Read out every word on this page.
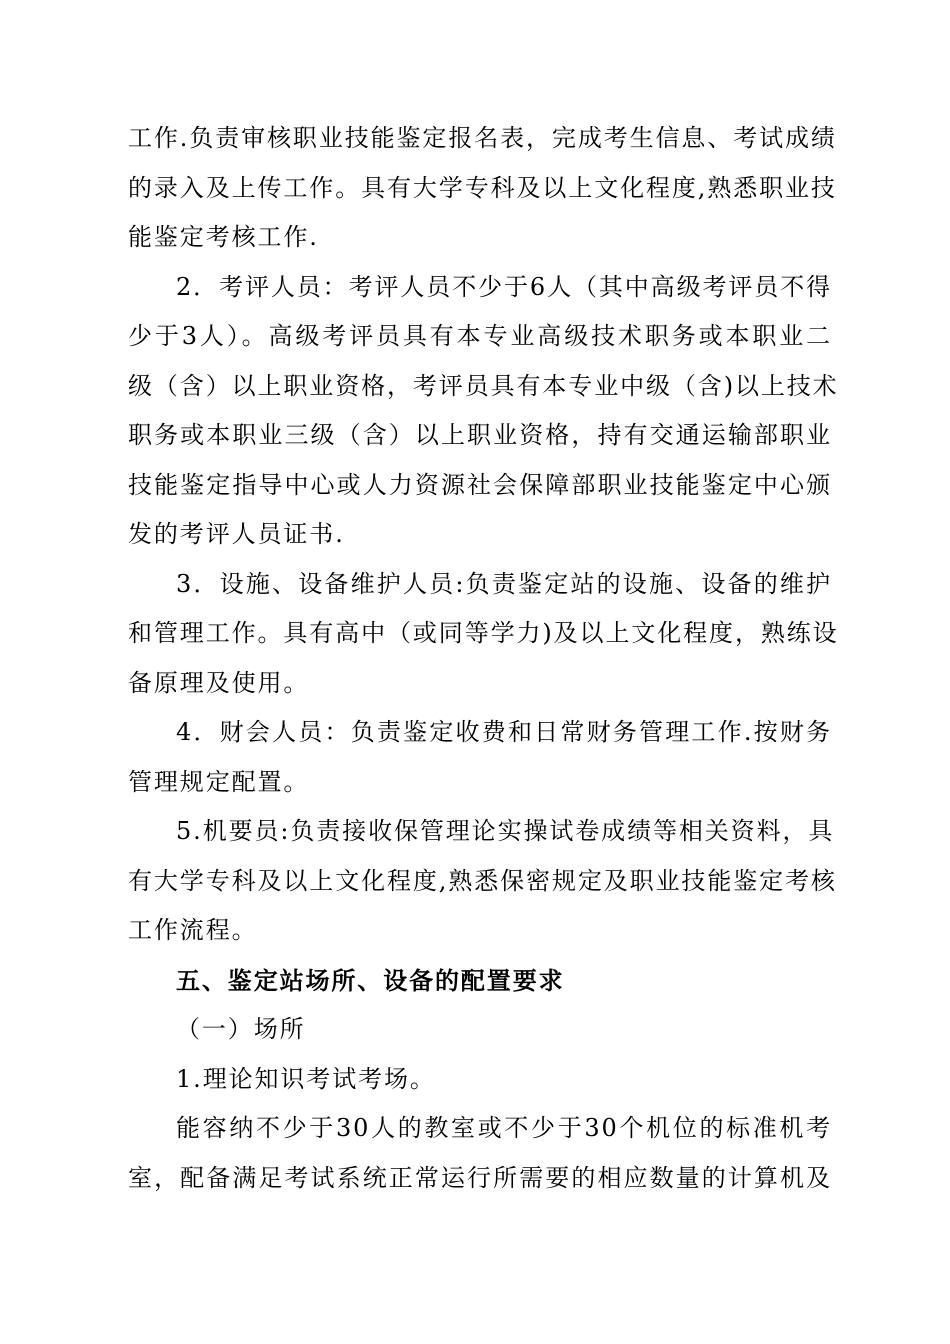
工作.负责审核职业技能鉴定报名表，完成考生信息、考试成绩
的录入及上传工作。具有大学专科及以上文化程度,熟悉职业技
能鉴定考核工作.

2．考评人员：考评人员不少于6人（其中高级考评员不得
少于3人）。高级考评员具有本专业高级技术职务或本职业二
级（含）以上职业资格，考评员具有本专业中级（含)以上技术
职务或本职业三级（含）以上职业资格，持有交通运输部职业
技能鉴定指导中心或人力资源社会保障部职业技能鉴定中心颁
发的考评人员证书.

3．设施、设备维护人员:负责鉴定站的设施、设备的维护
和管理工作。具有高中（或同等学力)及以上文化程度，熟练设
备原理及使用。

4．财会人员：负责鉴定收费和日常财务管理工作.按财务
管理规定配置。

5.机要员:负责接收保管理论实操试卷成绩等相关资料，具
有大学专科及以上文化程度,熟悉保密规定及职业技能鉴定考核
工作流程。

五、鉴定站场所、设备的配置要求

（一）场所

1.理论知识考试考场。

能容纳不少于30人的教室或不少于30个机位的标准机考
室，配备满足考试系统正常运行所需要的相应数量的计算机及
